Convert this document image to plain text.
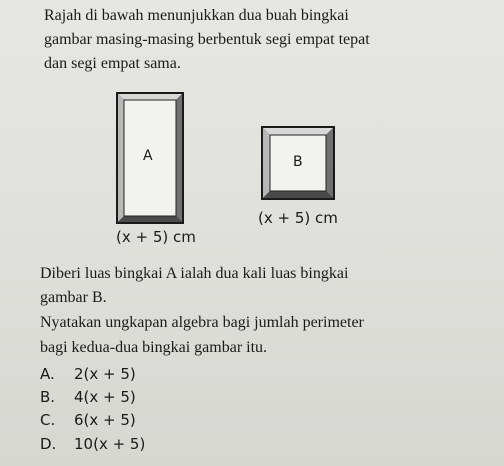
Rajah di bawah menunjukkan dua buah bingkai
gambar masing-masing berbentuk segi empat tepat
dan segi empat sama.
A
(x + 5) cm
B
(x + 5) cm
Diberi luas bingkai A ialah dua kali luas bingkai
gambar B.
Nyatakan ungkapan algebra bagi jumlah perimeter
bagi kedua-dua bingkai gambar itu.
A. 2(x + 5)
B. 4(x + 5)
C. 6(x + 5)
D. 10(x + 5)
